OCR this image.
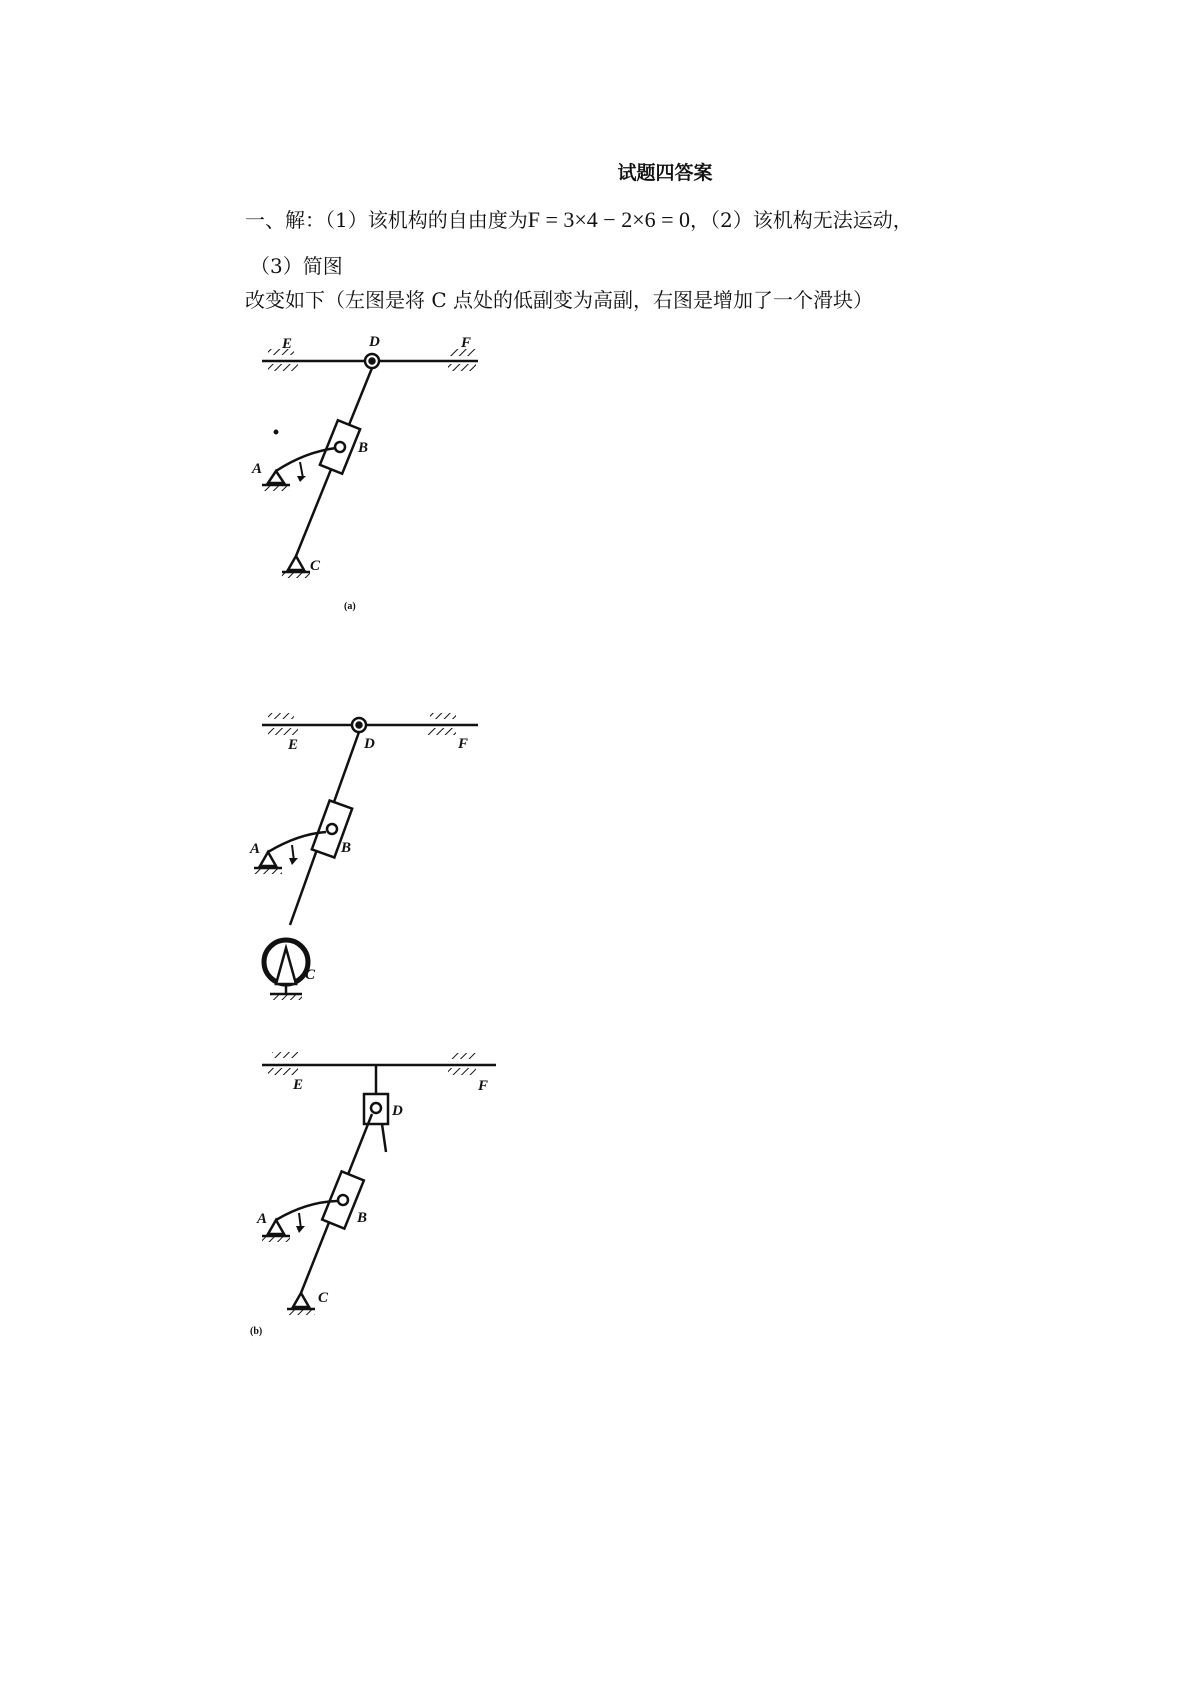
试题四答案
一、解：（1）该机构的自由度为F = 3×4 − 2×6 = 0，（2）该机构无法运动，
（3）简图
改变如下（左图是将 C 点处的低副变为高副，右图是增加了一个滑块）
E	D	F
B
A
C
(a)
E	D	F
B
A
C
E
D
F
B
A
C
(b)
